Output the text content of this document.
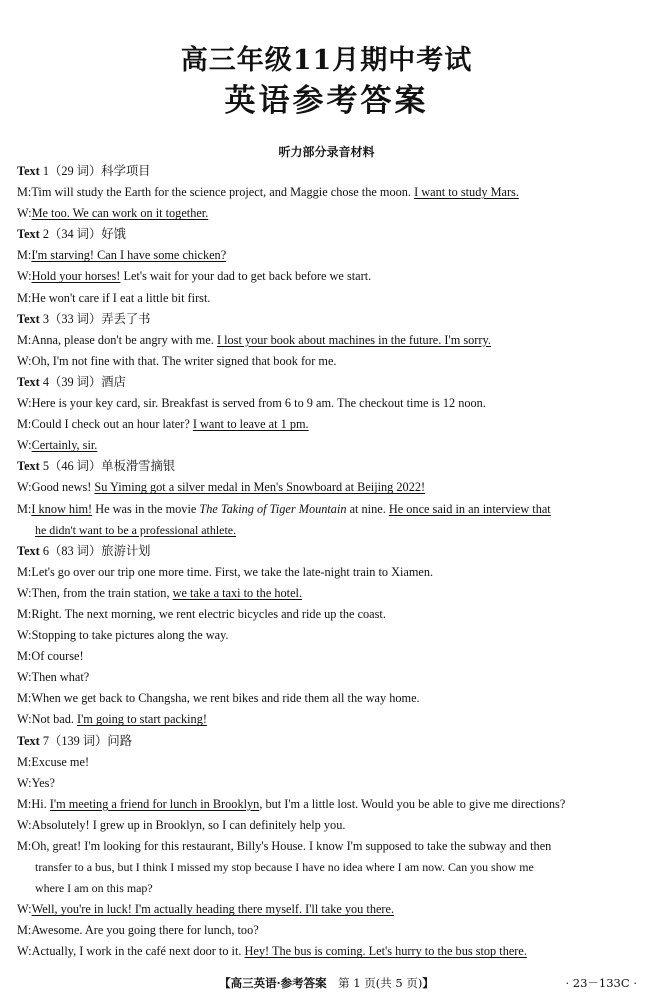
高三年级11月期中考试
英语参考答案
听力部分录音材料
Text 1（29 词）科学项目
M:Tim will study the Earth for the science project, and Maggie chose the moon. I want to study Mars.
W:Me too. We can work on it together.
Text 2（34 词）好饿
M:I'm starving! Can I have some chicken?
W:Hold your horses! Let's wait for your dad to get back before we start.
M:He won't care if I eat a little bit first.
Text 3（33 词）弄丢了书
M:Anna, please don't be angry with me. I lost your book about machines in the future. I'm sorry.
W:Oh, I'm not fine with that. The writer signed that book for me.
Text 4（39 词）酒店
W:Here is your key card, sir. Breakfast is served from 6 to 9 am. The checkout time is 12 noon.
M:Could I check out an hour later? I want to leave at 1 pm.
W:Certainly, sir.
Text 5（46 词）单板滑雪摘银
W:Good news! Su Yiming got a silver medal in Men's Snowboard at Beijing 2022!
M:I know him! He was in the movie The Taking of Tiger Mountain at nine. He once said in an interview that
he didn't want to be a professional athlete.
Text 6（83 词）旅游计划
M:Let's go over our trip one more time. First, we take the late-night train to Xiamen.
W:Then, from the train station, we take a taxi to the hotel.
M:Right. The next morning, we rent electric bicycles and ride up the coast.
W:Stopping to take pictures along the way.
M:Of course!
W:Then what?
M:When we get back to Changsha, we rent bikes and ride them all the way home.
W:Not bad. I'm going to start packing!
Text 7（139 词）问路
M:Excuse me!
W:Yes?
M:Hi. I'm meeting a friend for lunch in Brooklyn, but I'm a little lost. Would you be able to give me directions?
W:Absolutely! I grew up in Brooklyn, so I can definitely help you.
M:Oh, great! I'm looking for this restaurant, Billy's House. I know I'm supposed to take the subway and then
transfer to a bus, but I think I missed my stop because I have no idea where I am now. Can you show me
where I am on this map?
W:Well, you're in luck! I'm actually heading there myself. I'll take you there.
M:Awesome. Are you going there for lunch, too?
W:Actually, I work in the café next door to it. Hey! The bus is coming. Let's hurry to the bus stop there.
【高三英语·参考答案　第 1 页(共 5 页)】	· 23－133C ·
